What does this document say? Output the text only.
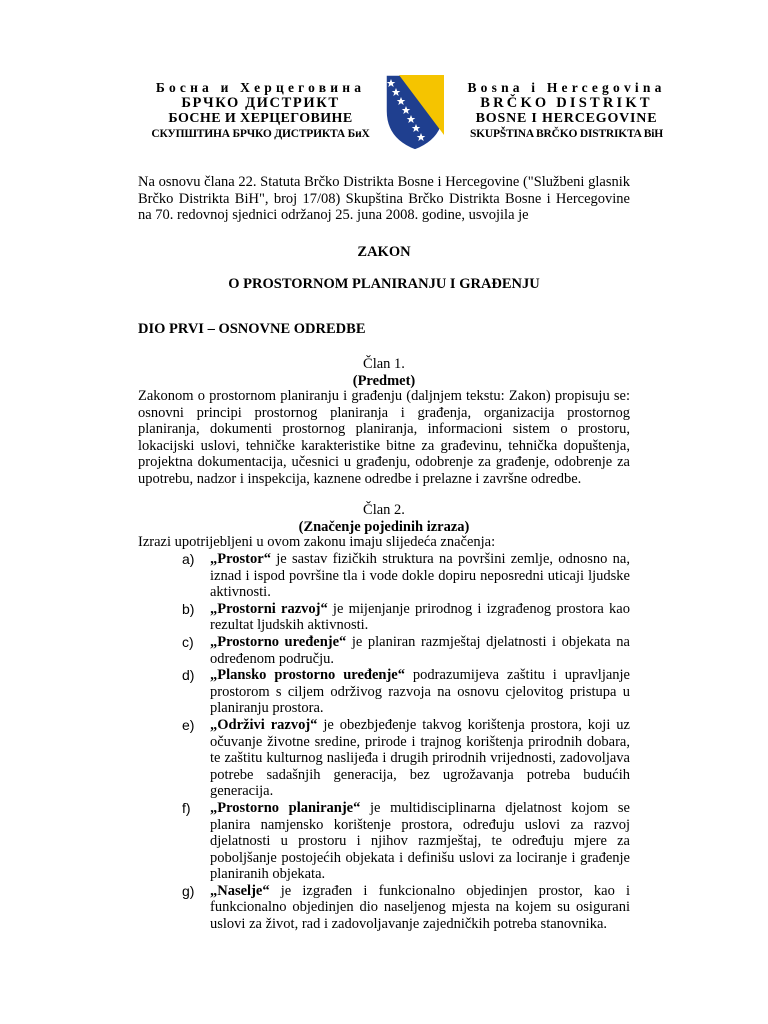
Босна и Херцеговина
БРЧКО ДИСТРИКТ
БОСНЕ И ХЕРЦЕГОВИНЕ
СКУПШТИНА БРЧКО ДИСТРИКТА БиХ
Bosna i Hercegovina
BRČKO DISTRIKT
BOSNE I HERCEGOVINE
SKUPŠTINA BRČKO DISTRIKTA BiH
Na osnovu člana 22. Statuta Brčko Distrikta Bosne i Hercegovine ("Službeni glasnik Brčko Distrikta BiH", broj 17/08) Skupština Brčko Distrikta Bosne i Hercegovine na 70. redovnoj sjednici održanoj 25. juna 2008. godine, usvojila je
ZAKON
O PROSTORNOM PLANIRANJU I GRAĐENJU
DIO PRVI – OSNOVNE ODREDBE
Član 1.
(Predmet)
Zakonom o prostornom planiranju i građenju (daljnjem tekstu: Zakon) propisuju se: osnovni principi prostornog planiranja i građenja, organizacija prostornog planiranja, dokumenti prostornog planiranja, informacioni sistem o prostoru, lokacijski uslovi, tehničke karakteristike bitne za građevinu, tehnička dopuštenja, projektna dokumentacija, učesnici u građenju, odobrenje za građenje, odobrenje za upotrebu, nadzor i inspekcija, kaznene odredbe i prelazne i završne odredbe.
Član 2.
(Značenje pojedinih izraza)
Izrazi upotrijebljeni u ovom zakonu imaju slijedeća značenja:
a) „Prostor“ je sastav fizičkih struktura na površini zemlje, odnosno na, iznad i ispod površine tla i vode dokle dopiru neposredni uticaji ljudske aktivnosti.
b) „Prostorni razvoj“ je mijenjanje prirodnog i izgrađenog prostora kao rezultat ljudskih aktivnosti.
c) „Prostorno uređenje“ je planiran razmještaj djelatnosti i objekata na određenom području.
d) „Plansko prostorno uređenje“ podrazumijeva zaštitu i upravljanje prostorom s ciljem održivog razvoja na osnovu cjelovitog pristupa u planiranju prostora.
e) „Održivi razvoj“ je obezbjeđenje takvog korištenja prostora, koji uz očuvanje životne sredine, prirode i trajnog korištenja prirodnih dobara, te zaštitu kulturnog naslijeđa i drugih prirodnih vrijednosti, zadovoljava potrebe sadašnjih generacija, bez ugrožavanja potreba budućih generacija.
f) „Prostorno planiranje“ je multidisciplinarna djelatnost kojom se planira namjensko korištenje prostora, određuju uslovi za razvoj djelatnosti u prostoru i njihov razmještaj, te određuju mjere za poboljšanje postojećih objekata i definišu uslovi za lociranje i građenje planiranih objekata.
g) „Naselje“ je izgrađen i funkcionalno objedinjen prostor, kao i funkcionalno objedinjen dio naseljenog mjesta na kojem su osigurani uslovi za život, rad i zadovoljavanje zajedničkih potreba stanovnika.
